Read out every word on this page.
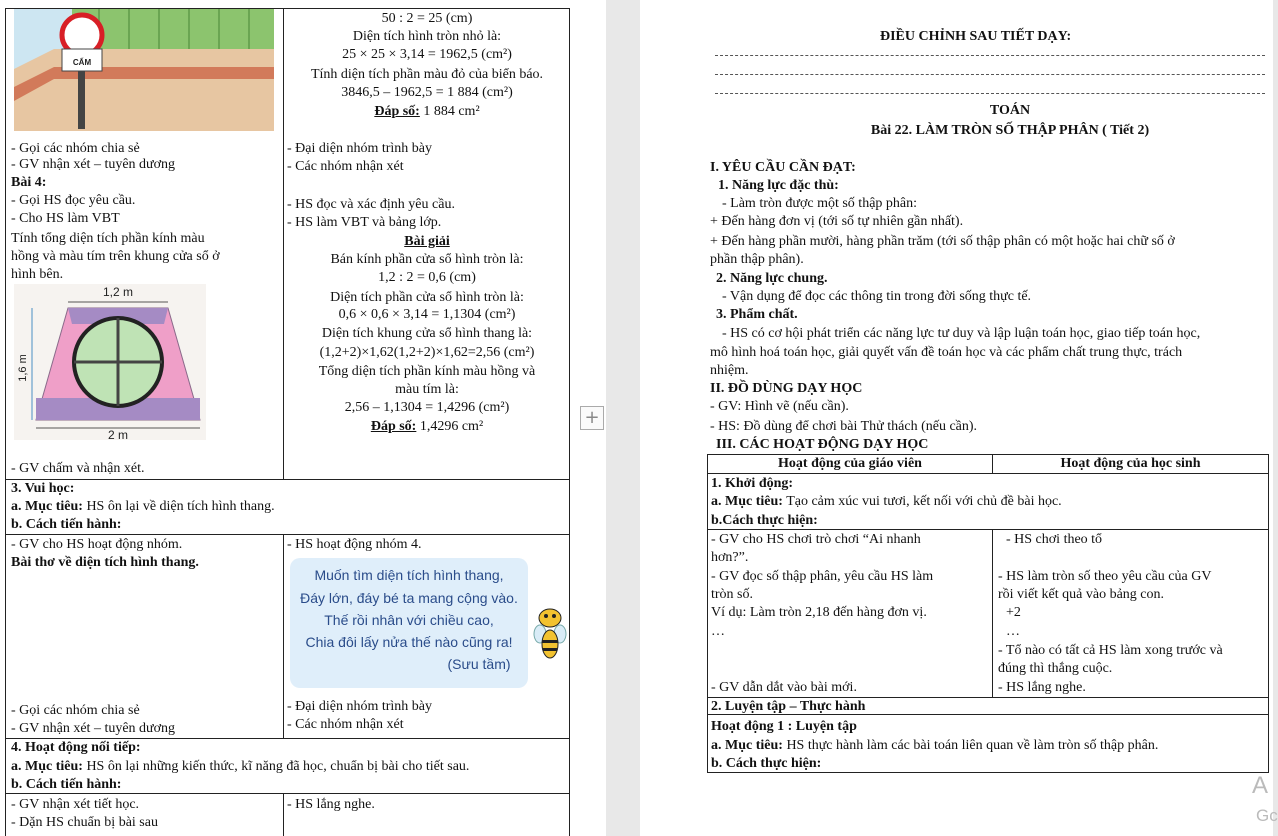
CẤM
50 : 2 = 25 (cm)
Diện tích hình tròn nhỏ là:
25 × 25 × 3,14 = 1962,5 (cm²)
Tính diện tích phần màu đỏ của biển báo.
3846,5 – 1962,5 = 1 884 (cm²)
Đáp số: 1 884 cm²
- Gọi các nhóm chia sẻ
- GV nhận xét – tuyên dương
- Đại diện nhóm trình bày
- Các nhóm nhận xét
Bài 4:
- Gọi HS đọc yêu cầu.
- Cho HS làm VBT
Tính tổng diện tích phần kính màu
hồng và màu tím trên khung cửa sổ ở
hình bên.
1,2 m
2 m
1,6 m
- HS đọc và xác định yêu cầu.
- HS làm VBT và bảng lớp.
Bài giải
Bán kính phần cửa sổ hình tròn là:
1,2 : 2 = 0,6 (cm)
Diện tích phần cửa sổ hình tròn là:
0,6 × 0,6 × 3,14 = 1,1304 (cm²)
Diện tích khung cửa sổ hình thang là:
(1,2+2)×1,62(1,2+2)×1,62=2,56 (cm²)
Tổng diện tích phần kính màu hồng và
màu tím là:
2,56 – 1,1304 = 1,4296 (cm²)
Đáp số: 1,4296 cm²
- GV chấm và nhận xét.
3. Vui học:
a. Mục tiêu: HS ôn lại về diện tích hình thang.
b. Cách tiến hành:
- GV cho HS hoạt động nhóm.
Bài thơ về diện tích hình thang.
- HS hoạt động nhóm 4.
Muốn tìm diện tích hình thang,
Đáy lớn, đáy bé ta mang cộng vào.
Thế rồi nhân với chiều cao,
Chia đôi lấy nửa thế nào cũng ra!
(Sưu tầm)
- Gọi các nhóm chia sẻ
- GV nhận xét – tuyên dương
- Đại diện nhóm trình bày
- Các nhóm nhận xét
4. Hoạt động nối tiếp:
a. Mục tiêu: HS ôn lại những kiến thức, kĩ năng đã học, chuẩn bị bài cho tiết sau.
b. Cách tiến hành:
- GV nhận xét tiết học.
- Dặn HS chuẩn bị bài sau
- HS lắng nghe.
+
ĐIỀU CHỈNH SAU TIẾT DẠY:
TOÁN
Bài 22. LÀM TRÒN SỐ THẬP PHÂN ( Tiết 2)
I. YÊU CẦU CẦN ĐẠT:
1. Năng lực đặc thù:
- Làm tròn được một số thập phân:
+ Đến hàng đơn vị (tới số tự nhiên gần nhất).
+ Đến hàng phần mười, hàng phần trăm (tới số thập phân có một hoặc hai chữ số ở
phần thập phân).
2. Năng lực chung.
- Vận dụng để đọc các thông tin trong đời sống thực tế.
3. Phẩm chất.
- HS có cơ hội phát triển các năng lực tư duy và lập luận toán học, giao tiếp toán học,
mô hình hoá toán học, giải quyết vấn đề toán học và các phẩm chất trung thực, trách
nhiệm.
II. ĐỒ DÙNG DẠY HỌC
- GV: Hình vẽ (nếu cần).
- HS: Đồ dùng để chơi bài Thử thách (nếu cần).
III. CÁC HOẠT ĐỘNG DẠY HỌC
Hoạt động của giáo viên	Hoạt động của học sinh
1. Khởi động:
a. Mục tiêu: Tạo cảm xúc vui tươi, kết nối với chủ đề bài học.
b.Cách thực hiện:
- GV cho HS chơi trò chơi “Ai nhanh
hơn?”.
- GV đọc số thập phân, yêu cầu HS làm
tròn số.
Ví dụ: Làm tròn 2,18 đến hàng đơn vị.
…
- GV dẫn dắt vào bài mới.
- HS chơi theo tổ
- HS làm tròn số theo yêu cầu của GV
rồi viết kết quả vào bảng con.
+2
…
- Tổ nào có tất cả HS làm xong trước và
đúng thì thắng cuộc.
- HS lắng nghe.
2. Luyện tập – Thực hành
Hoạt động 1 : Luyện tập
a. Mục tiêu: HS thực hành làm các bài toán liên quan về làm tròn số thập phân.
b. Cách thực hiện:
A
Gc
